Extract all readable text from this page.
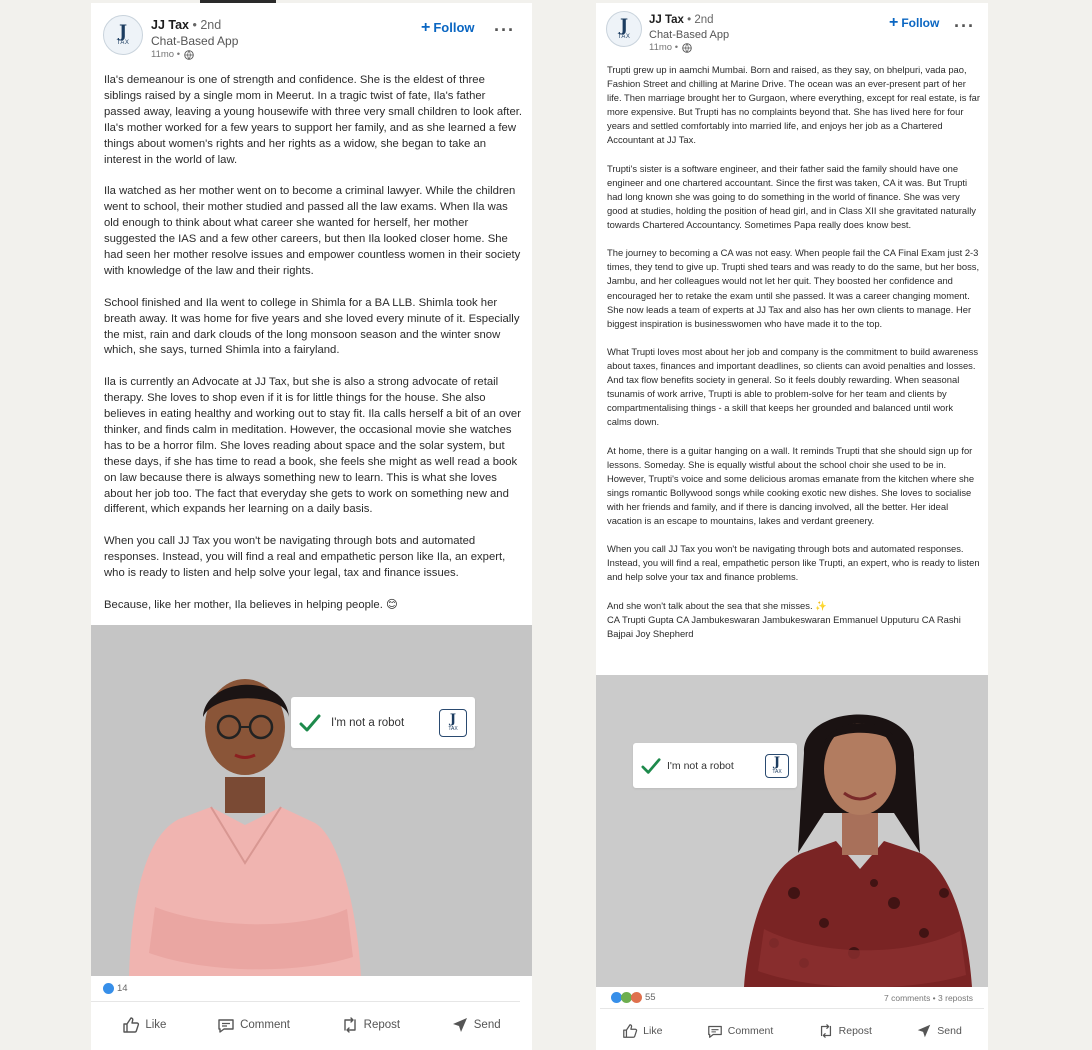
J
TAX
JJ Tax • 2nd
Chat-Based App
11mo •
+ Follow ···
Ila's demeanour is one of strength and confidence. She is the eldest of three siblings raised by a single mom in Meerut. In a tragic twist of fate, Ila's father passed away, leaving a young housewife with three very small children to look after. Ila's mother worked for a few years to support her family, and as she learned a few things about women's rights and her rights as a widow, she began to take an interest in the world of law.

Ila watched as her mother went on to become a criminal lawyer. While the children went to school, their mother studied and passed all the law exams. When Ila was old enough to think about what career she wanted for herself, her mother suggested the IAS and a few other careers, but then Ila looked closer home. She had seen her mother resolve issues and empower countless women in their society with knowledge of the law and their rights.

School finished and Ila went to college in Shimla for a BA LLB. Shimla took her breath away. It was home for five years and she loved every minute of it. Especially the mist, rain and dark clouds of the long monsoon season and the winter snow which, she says, turned Shimla into a fairyland.

Ila is currently an Advocate at JJ Tax, but she is also a strong advocate of retail therapy. She loves to shop even if it is for little things for the house. She also believes in eating healthy and working out to stay fit. Ila calls herself a bit of an over thinker, and finds calm in meditation. However, the occasional movie she watches has to be a horror film. She loves reading about space and the solar system, but these days, if she has time to read a book, she feels she might as well read a book on law because there is always something new to learn. This is what she loves about her job too. The fact that everyday she gets to work on something new and different, which expands her learning on a daily basis.

When you call JJ Tax you won't be navigating through bots and automated responses. Instead, you will find a real and empathetic person like Ila, an expert, who is ready to listen and help solve your legal, tax and finance issues.

Because, like her mother, Ila believes in helping people. 😊
I'm not a robot	J
TAX
14
Like	Comment	Repost	Send
J
TAX
JJ Tax • 2nd
Chat-Based App
11mo •
+ Follow ···
Trupti grew up in aamchi Mumbai. Born and raised, as they say, on bhelpuri, vada pao, Fashion Street and chilling at Marine Drive. The ocean was an ever-present part of her life. Then marriage brought her to Gurgaon, where everything, except for real estate, is far more expensive. But Trupti has no complaints beyond that. She has lived here for four years and settled comfortably into married life, and enjoys her job as a Chartered Accountant at JJ Tax.

Trupti's sister is a software engineer, and their father said the family should have one engineer and one chartered accountant. Since the first was taken, CA it was. But Trupti had long known she was going to do something in the world of finance. She was very good at studies, holding the position of head girl, and in Class XII she gravitated naturally towards Chartered Accountancy. Sometimes Papa really does know best.

The journey to becoming a CA was not easy. When people fail the CA Final Exam just 2-3 times, they tend to give up. Trupti shed tears and was ready to do the same, but her boss, Jambu, and her colleagues would not let her quit. They boosted her confidence and encouraged her to retake the exam until she passed. It was a career changing moment. She now leads a team of experts at JJ Tax and also has her own clients to manage. Her biggest inspiration is businesswomen who have made it to the top.

What Trupti loves most about her job and company is the commitment to build awareness about taxes, finances and important deadlines, so clients can avoid penalties and losses. And tax flow benefits society in general. So it feels doubly rewarding. When seasonal tsunamis of work arrive, Trupti is able to problem-solve for her team and clients by compartmentalising things - a skill that keeps her grounded and balanced until work calms down.

At home, there is a guitar hanging on a wall. It reminds Trupti that she should sign up for lessons. Someday. She is equally wistful about the school choir she used to be in. However, Trupti's voice and some delicious aromas emanate from the kitchen where she sings romantic Bollywood songs while cooking exotic new dishes. She loves to socialise with her friends and family, and if there is dancing involved, all the better. Her ideal vacation is an escape to mountains, lakes and verdant greenery.

When you call JJ Tax you won't be navigating through bots and automated responses. Instead, you will find a real, empathetic person like Trupti, an expert, who is ready to listen and help solve your tax and finance problems.

And she won't talk about the sea that she misses. ✨
CA Trupti Gupta CA Jambukeswaran Jambukeswaran Emmanuel Upputuru CA Rashi Bajpai Joy Shepherd
I'm not a robot	J
TAX
55	7 comments • 3 reposts
Like	Comment	Repost	Send
